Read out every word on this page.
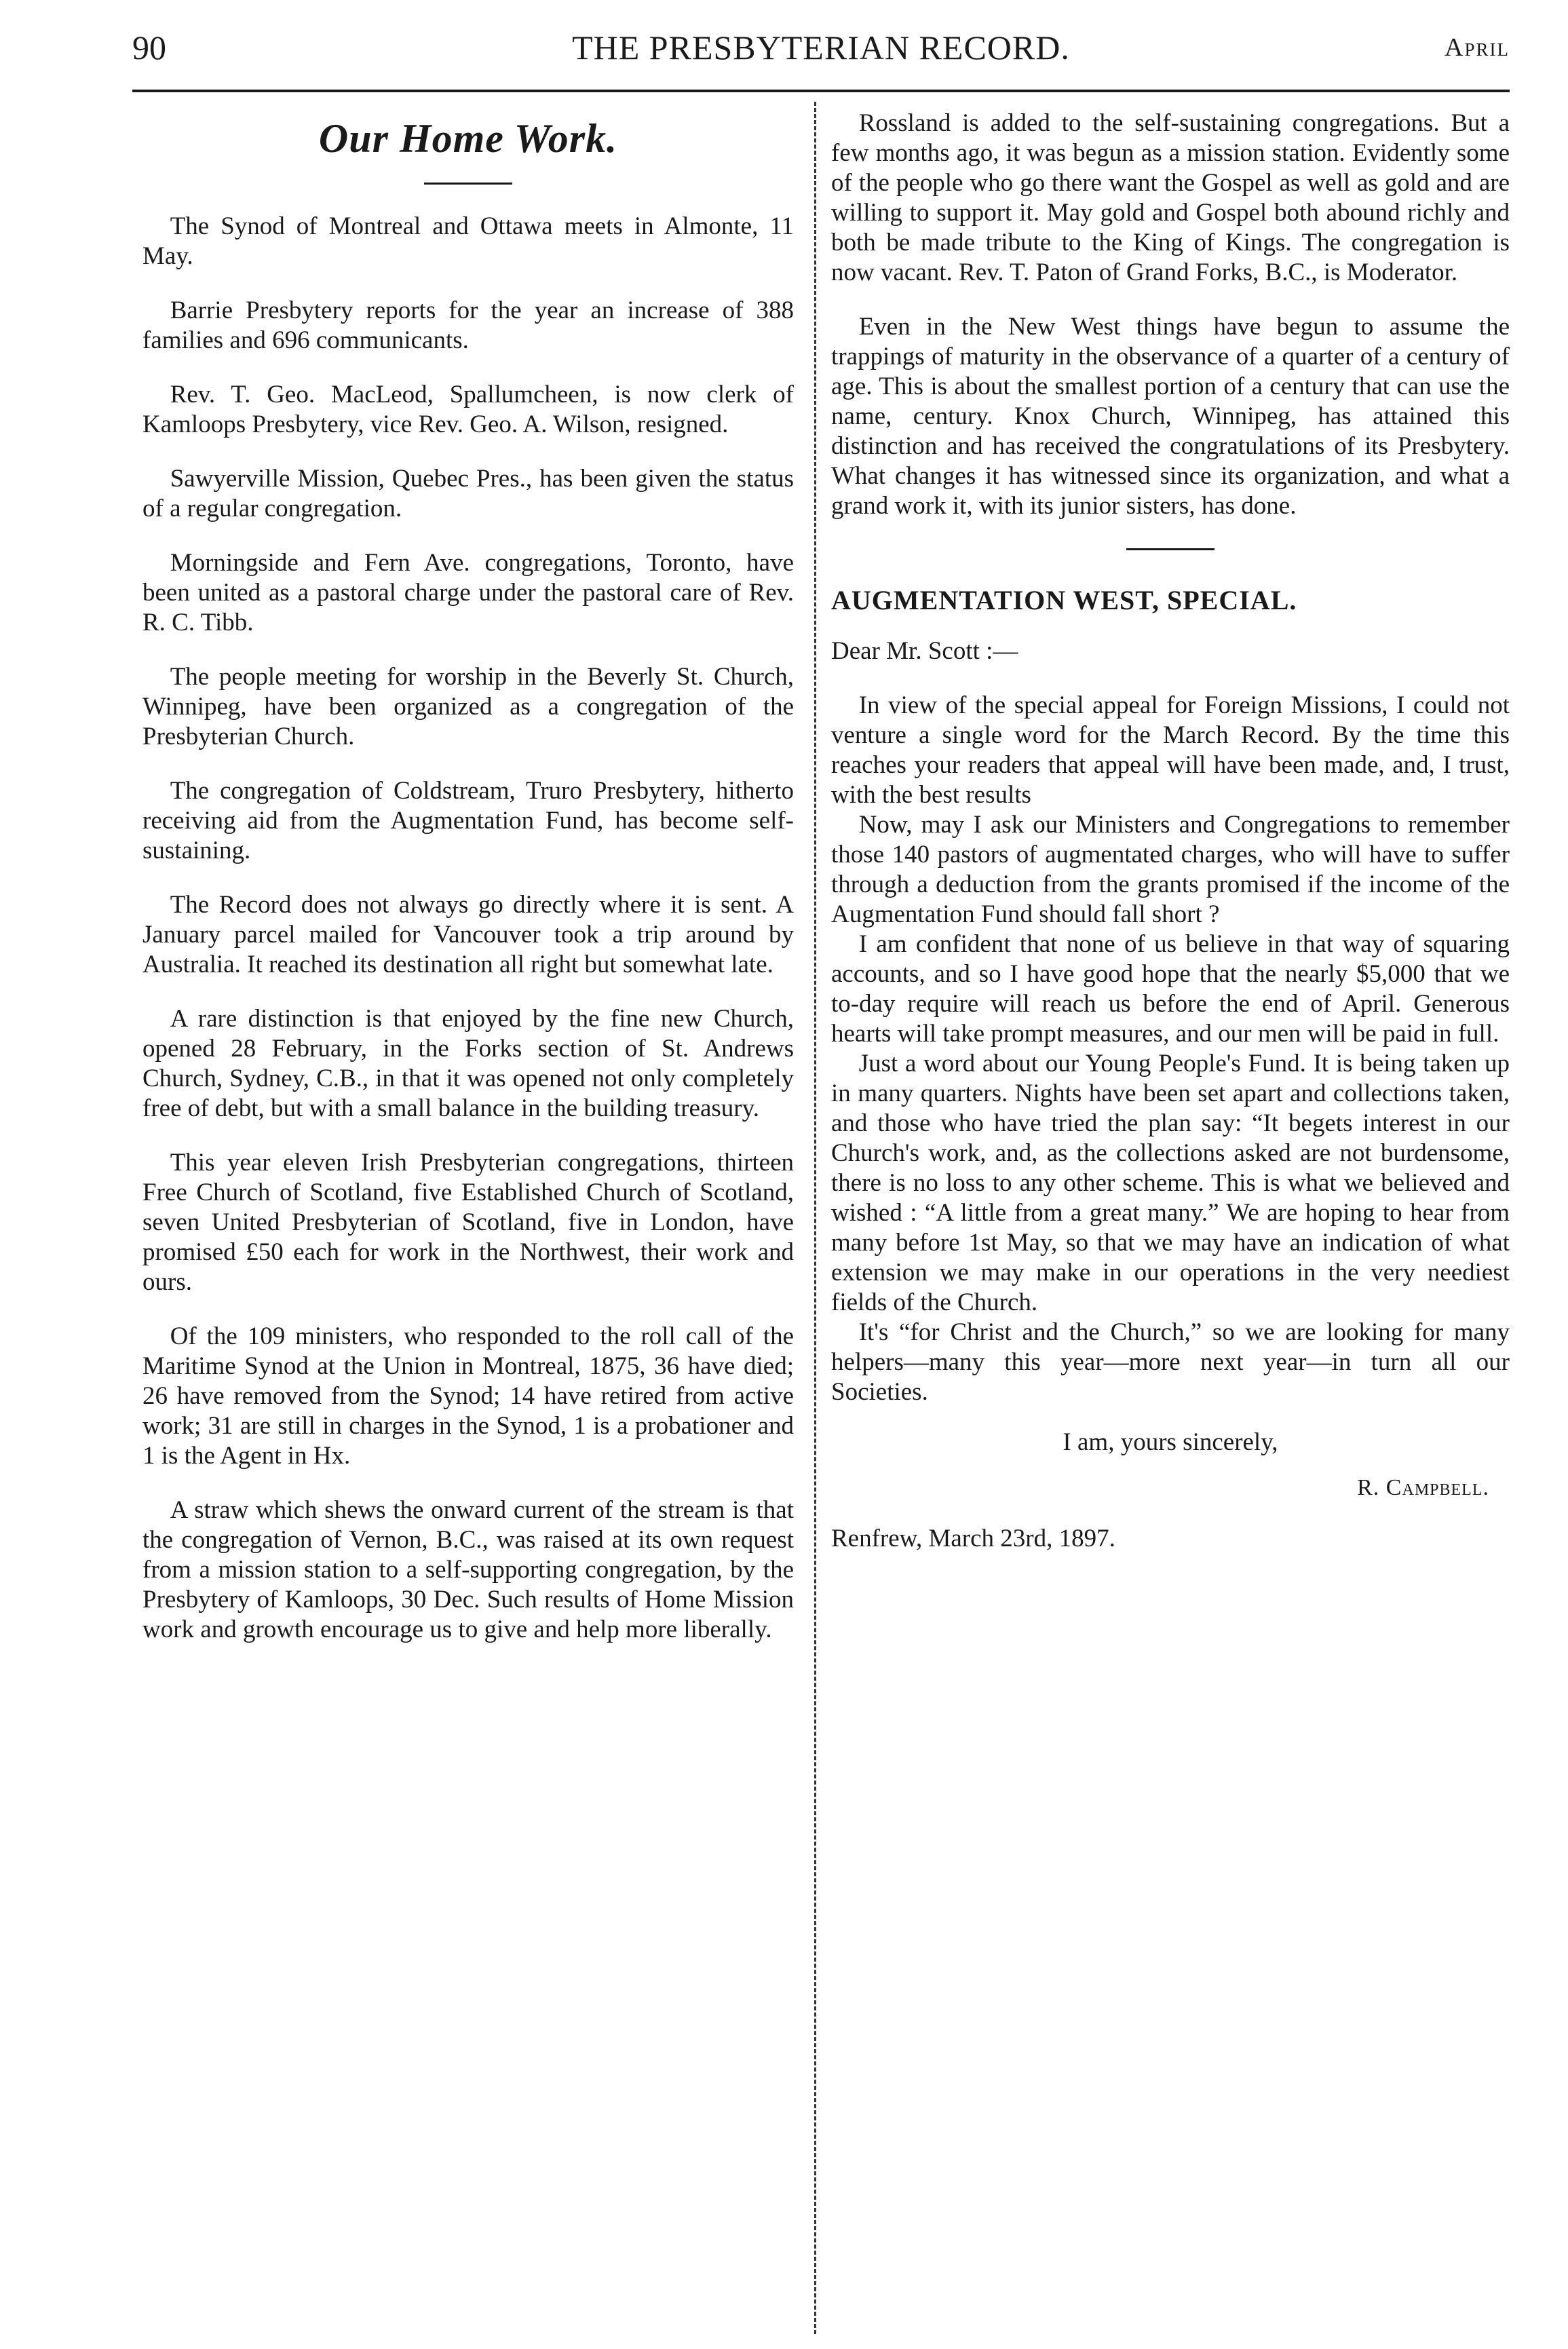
90	THE PRESBYTERIAN RECORD.	April
Our Home Work.

The Synod of Montreal and Ottawa meets in Almonte, 11 May.

Barrie Presbytery reports for the year an increase of 388 families and 696 communicants.

Rev. T. Geo. MacLeod, Spallumcheen, is now clerk of Kamloops Presbytery, vice Rev. Geo. A. Wilson, resigned.

Sawyerville Mission, Quebec Pres., has been given the status of a regular congregation.

Morningside and Fern Ave. congregations, Toronto, have been united as a pastoral charge under the pastoral care of Rev. R. C. Tibb.

The people meeting for worship in the Beverly St. Church, Winnipeg, have been organized as a congregation of the Presbyterian Church.

The congregation of Coldstream, Truro Presbytery, hitherto receiving aid from the Augmentation Fund, has become self-sustaining.

The Record does not always go directly where it is sent. A January parcel mailed for Vancouver took a trip around by Australia. It reached its destination all right but somewhat late.

A rare distinction is that enjoyed by the fine new Church, opened 28 February, in the Forks section of St. Andrews Church, Sydney, C.B., in that it was opened not only completely free of debt, but with a small balance in the building treasury.

This year eleven Irish Presbyterian congregations, thirteen Free Church of Scotland, five Established Church of Scotland, seven United Presbyterian of Scotland, five in London, have promised £50 each for work in the Northwest, their work and ours.

Of the 109 ministers, who responded to the roll call of the Maritime Synod at the Union in Montreal, 1875, 36 have died; 26 have removed from the Synod; 14 have retired from active work; 31 are still in charges in the Synod, 1 is a probationer and 1 is the Agent in Hx.

A straw which shews the onward current of the stream is that the congregation of Vernon, B.C., was raised at its own request from a mission station to a self-supporting congregation, by the Presbytery of Kamloops, 30 Dec. Such results of Home Mission work and growth encourage us to give and help more liberally.

Rossland is added to the self-sustaining congregations. But a few months ago, it was begun as a mission station. Evidently some of the people who go there want the Gospel as well as gold and are willing to support it. May gold and Gospel both abound richly and both be made tribute to the King of Kings. The congregation is now vacant. Rev. T. Paton of Grand Forks, B.C., is Moderator.

Even in the New West things have begun to assume the trappings of maturity in the observance of a quarter of a century of age. This is about the smallest portion of a century that can use the name, century. Knox Church, Winnipeg, has attained this distinction and has received the congratulations of its Presbytery. What changes it has witnessed since its organization, and what a grand work it, with its junior sisters, has done.

AUGMENTATION WEST, SPECIAL.

Dear Mr. Scott :—

In view of the special appeal for Foreign Missions, I could not venture a single word for the March Record. By the time this reaches your readers that appeal will have been made, and, I trust, with the best results

Now, may I ask our Ministers and Congregations to remember those 140 pastors of augmentated charges, who will have to suffer through a deduction from the grants promised if the income of the Augmentation Fund should fall short ?

I am confident that none of us believe in that way of squaring accounts, and so I have good hope that the nearly $5,000 that we to-day require will reach us before the end of April. Generous hearts will take prompt measures, and our men will be paid in full.

Just a word about our Young People's Fund. It is being taken up in many quarters. Nights have been set apart and collections taken, and those who have tried the plan say: “It begets interest in our Church's work, and, as the collections asked are not burdensome, there is no loss to any other scheme. This is what we believed and wished : “A little from a great many.” We are hoping to hear from many before 1st May, so that we may have an indication of what extension we may make in our operations in the very neediest fields of the Church.

It's “for Christ and the Church,” so we are looking for many helpers—many this year—more next year—in turn all our Societies.

I am, yours sincerely,
R. Campbell.

Renfrew, March 23rd, 1897.
